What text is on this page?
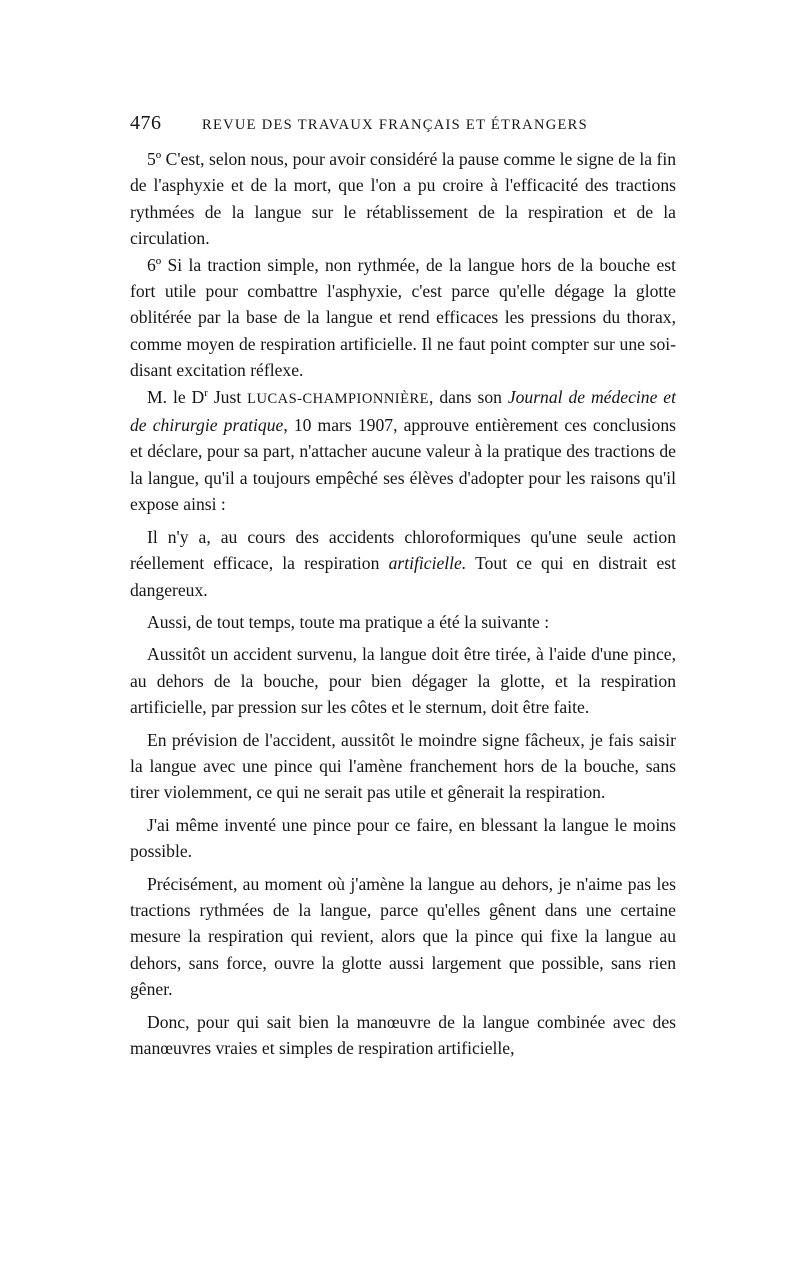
476	REVUE DES TRAVAUX FRANÇAIS ET ÉTRANGERS

5º C'est, selon nous, pour avoir considéré la pause comme le signe de la fin de l'asphyxie et de la mort, que l'on a pu croire à l'efficacité des tractions rythmées de la langue sur le rétablissement de la respiration et de la circulation.

6º Si la traction simple, non rythmée, de la langue hors de la bouche est fort utile pour combattre l'asphyxie, c'est parce qu'elle dégage la glotte oblitérée par la base de la langue et rend efficaces les pressions du thorax, comme moyen de respiration artificielle. Il ne faut point compter sur une soi-disant excitation réflexe.

M. le $D^r$ Just LUCAS-CHAMPIONNIÈRE, dans son Journal de médecine et de chirurgie pratique, 10 mars 1907, approuve entièrement ces conclusions et déclare, pour sa part, n'attacher aucune valeur à la pratique des tractions de la langue, qu'il a toujours empêché ses élèves d'adopter pour les raisons qu'il expose ainsi :

Il n'y a, au cours des accidents chloroformiques qu'une seule action réellement efficace, la respiration artificielle. Tout ce qui en distrait est dangereux.

Aussi, de tout temps, toute ma pratique a été la suivante :

Aussitôt un accident survenu, la langue doit être tirée, à l'aide d'une pince, au dehors de la bouche, pour bien dégager la glotte, et la respiration artificielle, par pression sur les côtes et le sternum, doit être faite.

En prévision de l'accident, aussitôt le moindre signe fâcheux, je fais saisir la langue avec une pince qui l'amène franchement hors de la bouche, sans tirer violemment, ce qui ne serait pas utile et gênerait la respiration.

J'ai même inventé une pince pour ce faire, en blessant la langue le moins possible.

Précisément, au moment où j'amène la langue au dehors, je n'aime pas les tractions rythmées de la langue, parce qu'elles gênent dans une certaine mesure la respiration qui revient, alors que la pince qui fixe la langue au dehors, sans force, ouvre la glotte aussi largement que possible, sans rien gêner.

Donc, pour qui sait bien la manœuvre de la langue combinée avec des manœuvres vraies et simples de respiration artificielle,
